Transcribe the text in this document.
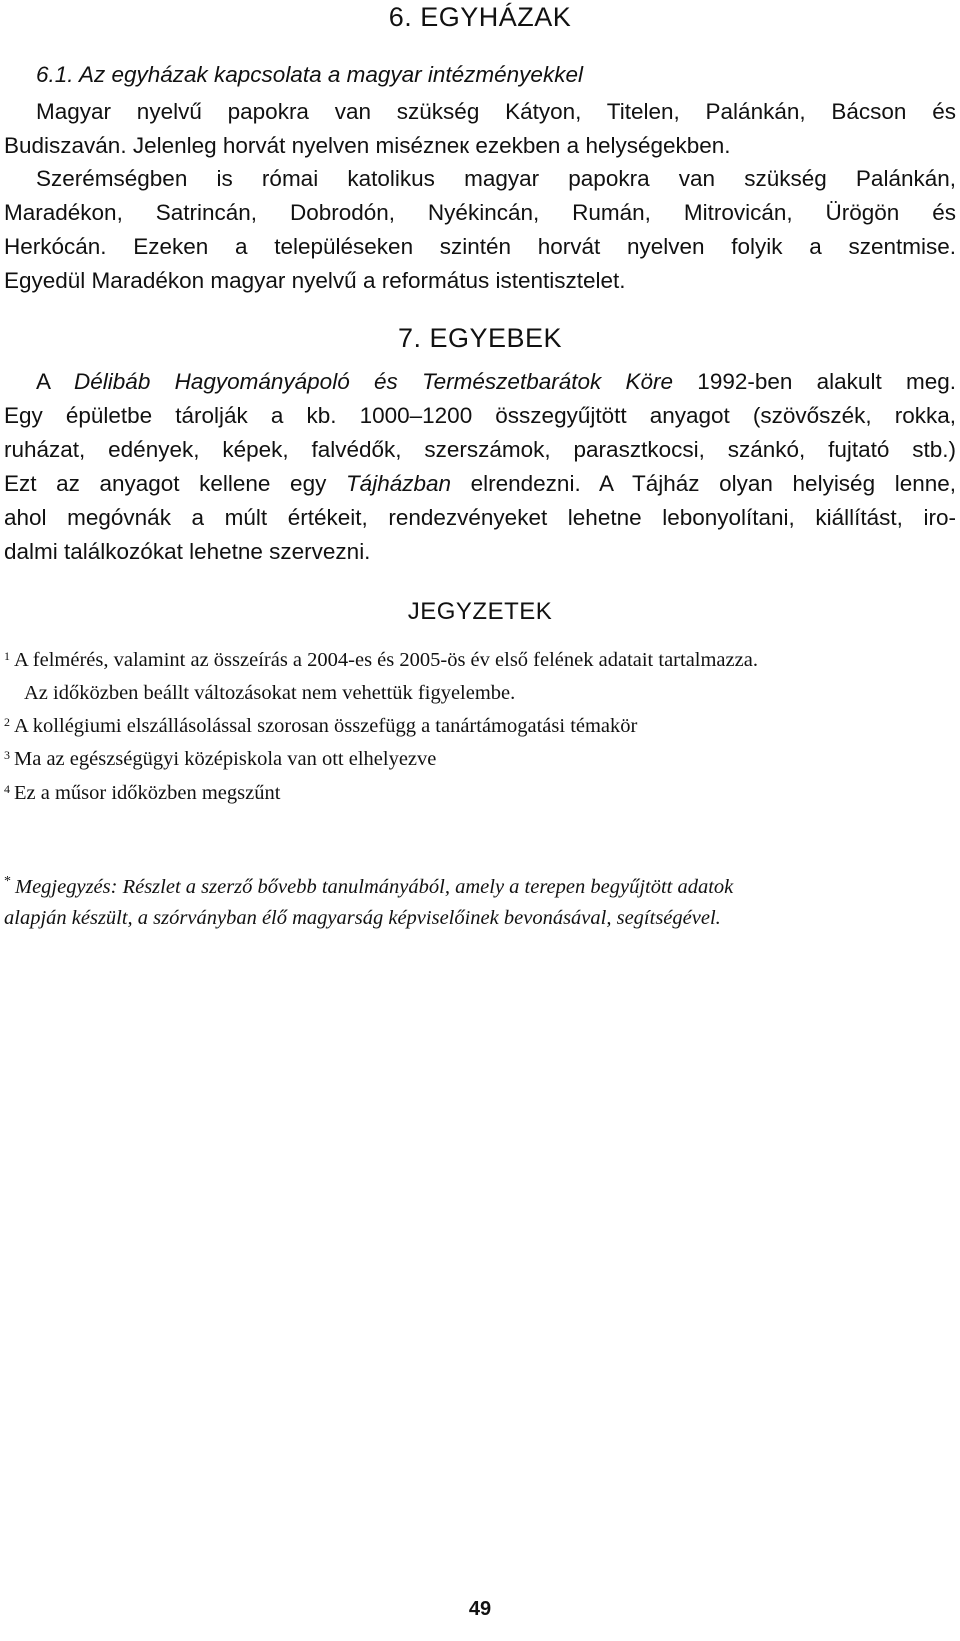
6. EGYHÁZAK
6.1. Az egyházak kapcsolata a magyar intézményekkel
Magyar nyelvű papokra van szükség Kátyon, Titelen, Palánkán, Bácson és
Budiszaván. Jelenleg horvát nyelven misézneк ezekben a helységekben.
Szerémségben is római katolikus magyar papokra van szükség Palánkán,
Maradékon, Satrincán, Dobrodón, Nyékincán, Rumán, Mitrovicán, Ürögön és
Herkócán. Ezeken a településeken szintén horvát nyelven folyik a szentmise.
Egyedül Maradékon magyar nyelvű a református istentisztelet.
7. EGYEBEK
A Délibáb Hagyományápoló és Természetbarátok Köre 1992-ben alakult meg.
Egy épületbe tárolják a kb. 1000–1200 összegyűjtött anyagot (szövőszék, rokka,
ruházat, edények, képek, falvédők, szerszámok, parasztkocsi, szánkó, fujtató stb.)
Ezt az anyagot kellene egy Tájházban elrendezni. A Tájház olyan helyiség lenne,
ahol megóvnák a múlt értékeit, rendezvényeket lehetne lebonyolítani, kiállítást, iro-
dalmi találkozókat lehetne szervezni.
JEGYZETEK
$^1$ A felmérés, valamint az összeírás a 2004-es és 2005-ös év első felének adatait tartalmazza.
Az időközben beállt változásokat nem vehettük figyelembe.
$^2$ A kollégiumi elszállásolással szorosan összefügg a tanártámogatási témakör
$^3$ Ma az egészségügyi középiskola van ott elhelyezve
$^4$ Ez a műsor időközben megszűnt
* Megjegyzés: Részlet a szerző bővebb tanulmányából, amely a terepen begyűjtött adatok
alapján készült, a szórványban élő magyarság képviselőinek bevonásával, segítségével.
49
